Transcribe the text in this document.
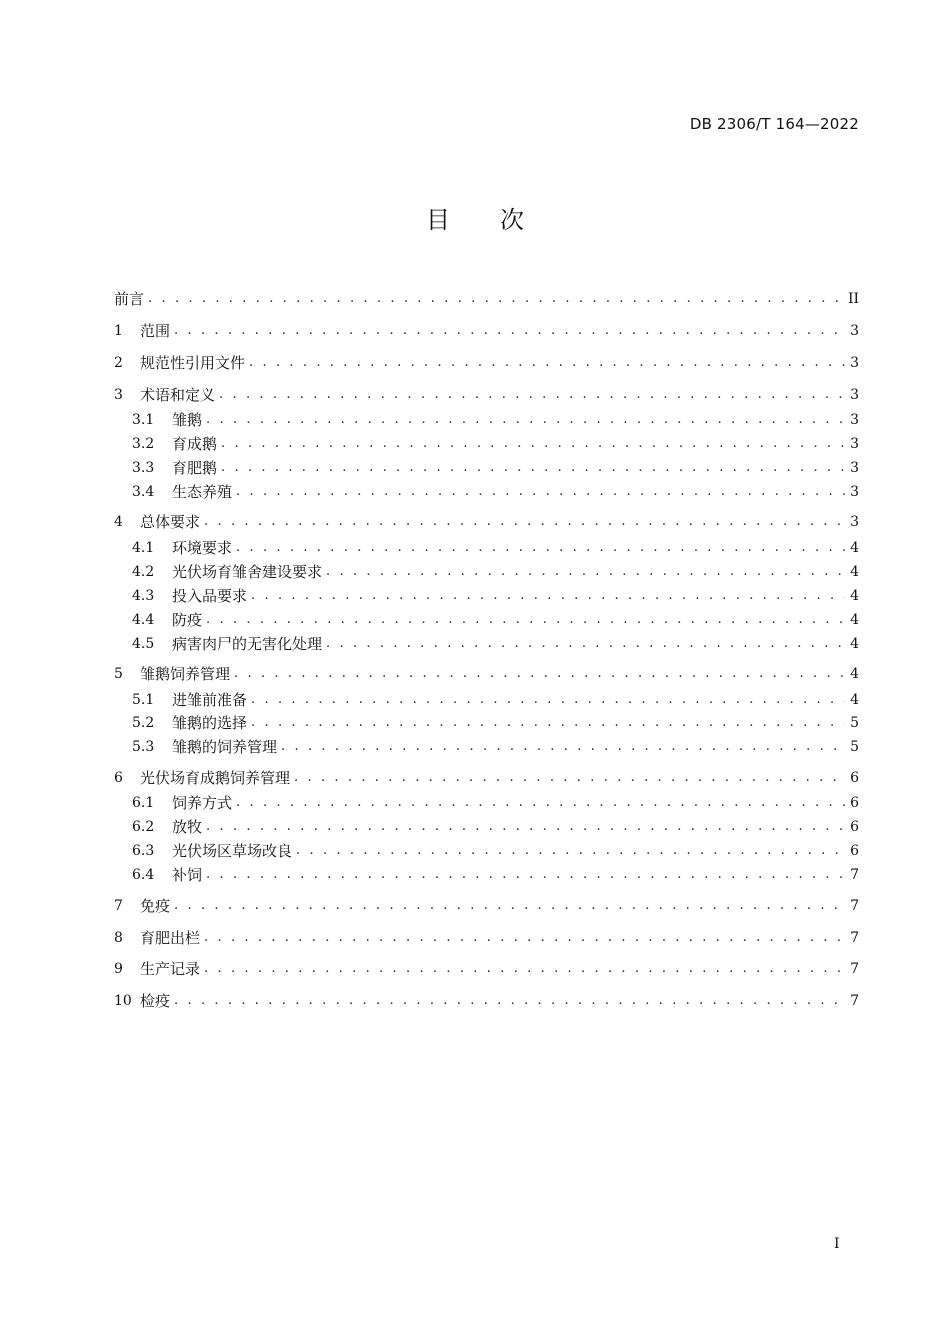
DB 2306/T 164—2022
目 次
前言 . . .	II
1	范围 . . .	3
2	规范性引用文件 . . .	3
3	术语和定义 . . .	3
3.1	雏鹅 . . .	3
3.2	育成鹅 . . .	3
3.3	育肥鹅 . . .	3
3.4	生态养殖 . . .	3
4	总体要求 . . .	3
4.1	环境要求 . . .	4
4.2	光伏场育雏舍建设要求 . . .	4
4.3	投入品要求 . . .	4
4.4	防疫 . . .	4
4.5	病害肉尸的无害化处理 . . .	4
5	雏鹅饲养管理 . . .	4
5.1	进雏前准备 . . .	4
5.2	雏鹅的选择 . . .	5
5.3	雏鹅的饲养管理 . . .	5
6	光伏场育成鹅饲养管理 . . .	6
6.1	饲养方式 . . .	6
6.2	放牧 . . .	6
6.3	光伏场区草场改良 . . .	6
6.4	补饲 . . .	7
7	免疫 . . .	7
8	育肥出栏 . . .	7
9	生产记录 . . .	7
10 检疫 . . .	7
I
